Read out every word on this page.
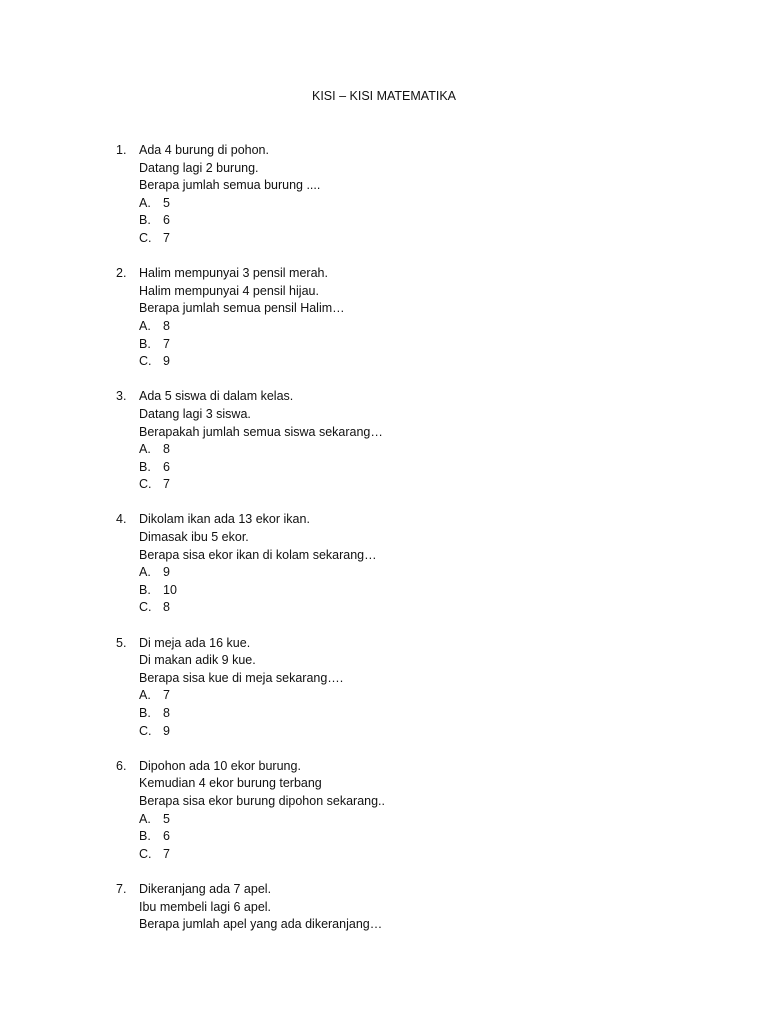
KISI – KISI MATEMATIKA
1.	Ada 4 burung di pohon.
Datang lagi 2 burung.
Berapa jumlah semua burung ....
A. 5
B. 6
C. 7
2.	Halim mempunyai 3 pensil merah.
Halim mempunyai 4 pensil hijau.
Berapa jumlah semua pensil Halim…
A. 8
B. 7
C. 9
3.	Ada 5 siswa di dalam kelas.
Datang lagi 3 siswa.
Berapakah jumlah semua siswa sekarang…
A. 8
B. 6
C. 7
4.	Dikolam ikan ada 13 ekor ikan.
Dimasak ibu 5 ekor.
Berapa sisa ekor ikan di kolam sekarang…
A. 9
B. 10
C. 8
5.	Di meja ada 16 kue.
Di makan adik 9 kue.
Berapa sisa kue di meja sekarang….
A. 7
B. 8
C. 9
6.	Dipohon ada 10 ekor burung.
Kemudian 4 ekor burung terbang
Berapa sisa ekor burung dipohon sekarang..
A. 5
B. 6
C. 7
7.	Dikeranjang ada 7 apel.
Ibu membeli lagi 6 apel.
Berapa jumlah apel yang ada dikeranjang…
